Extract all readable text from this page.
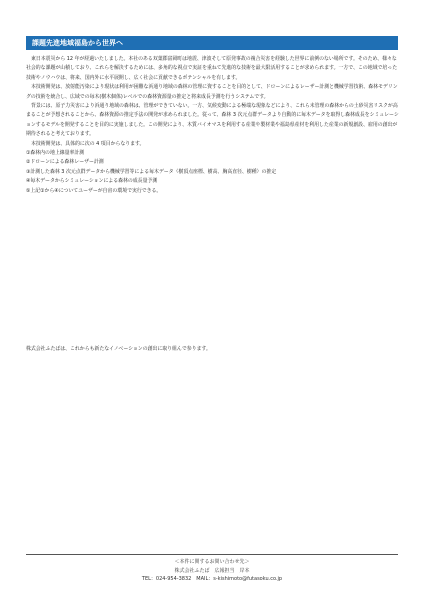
課題先進地域福島から世界へ

東日本震災から 12 年が経過いたしました。本社のある双葉郡富岡町は地震、津波そして原発事故の複合災害を経験した世界に前例のない場所です。そのため、様々な社会的な課題が山積しており、これらを解決するためには、多角的な視点で実証を重ねて先進的な技術を最大限活用することが求められます。一方で、この地域で培った技術やノウハウは、将来、国内外に水平展開し、広く社会に貢献できるポテンシャルを有します。

本技術開発は、放射能汚染により現状は利用が困難な浜通り地域の森林の管理に資することを目的として、ドローンによるレーザー計測と機械学習技術、森林モデリングの技術を統合し、広域での毎木(樹木個体)レベルでの森林資源量の推定と将来成長予測を行うシステムです。

背景には、原子力災害により浜通り地域の森林は、管理ができていない。一方、気候変動による極端な現象などにより、これら未管理の森林からの土砂災害リスクが高まることが予想されることから、森林資源の推定手法の開発が求められました。従って、森林 3 次元点群データより自動的に毎木データを取得し森林成長をシミュレーションするモデルを開発することを目的に実施しました。この開発により、木質バイオマスを利用する産業や製材業や福島県産材を利用した産業の新規創設、雇用の創出が期待されると考えております。

本技術開発は、具体的に次の 4 項目からなります。

①森林内の地上線量率計測
②ドローンによる森林レーザー計測
③計測した森林 3 次元点群データから機械学習等による毎木データ（樹頂点座標、樹高、胸高直径、樹種）の推定
④毎木データからシミュレーションによる森林の成長量予測
⑤上記①から④についてユーザーが自宙の環境で実行できる。

株式会社ふたばは、これからも新たなイノベーションの創出に取り組んで参ります。

＜本件に関するお問い合わせ先＞
株式会社ふたば　広報担当　岸本
TEL：024-954-3832　MAIL：s-kishimoto@futasoku.co.jp
